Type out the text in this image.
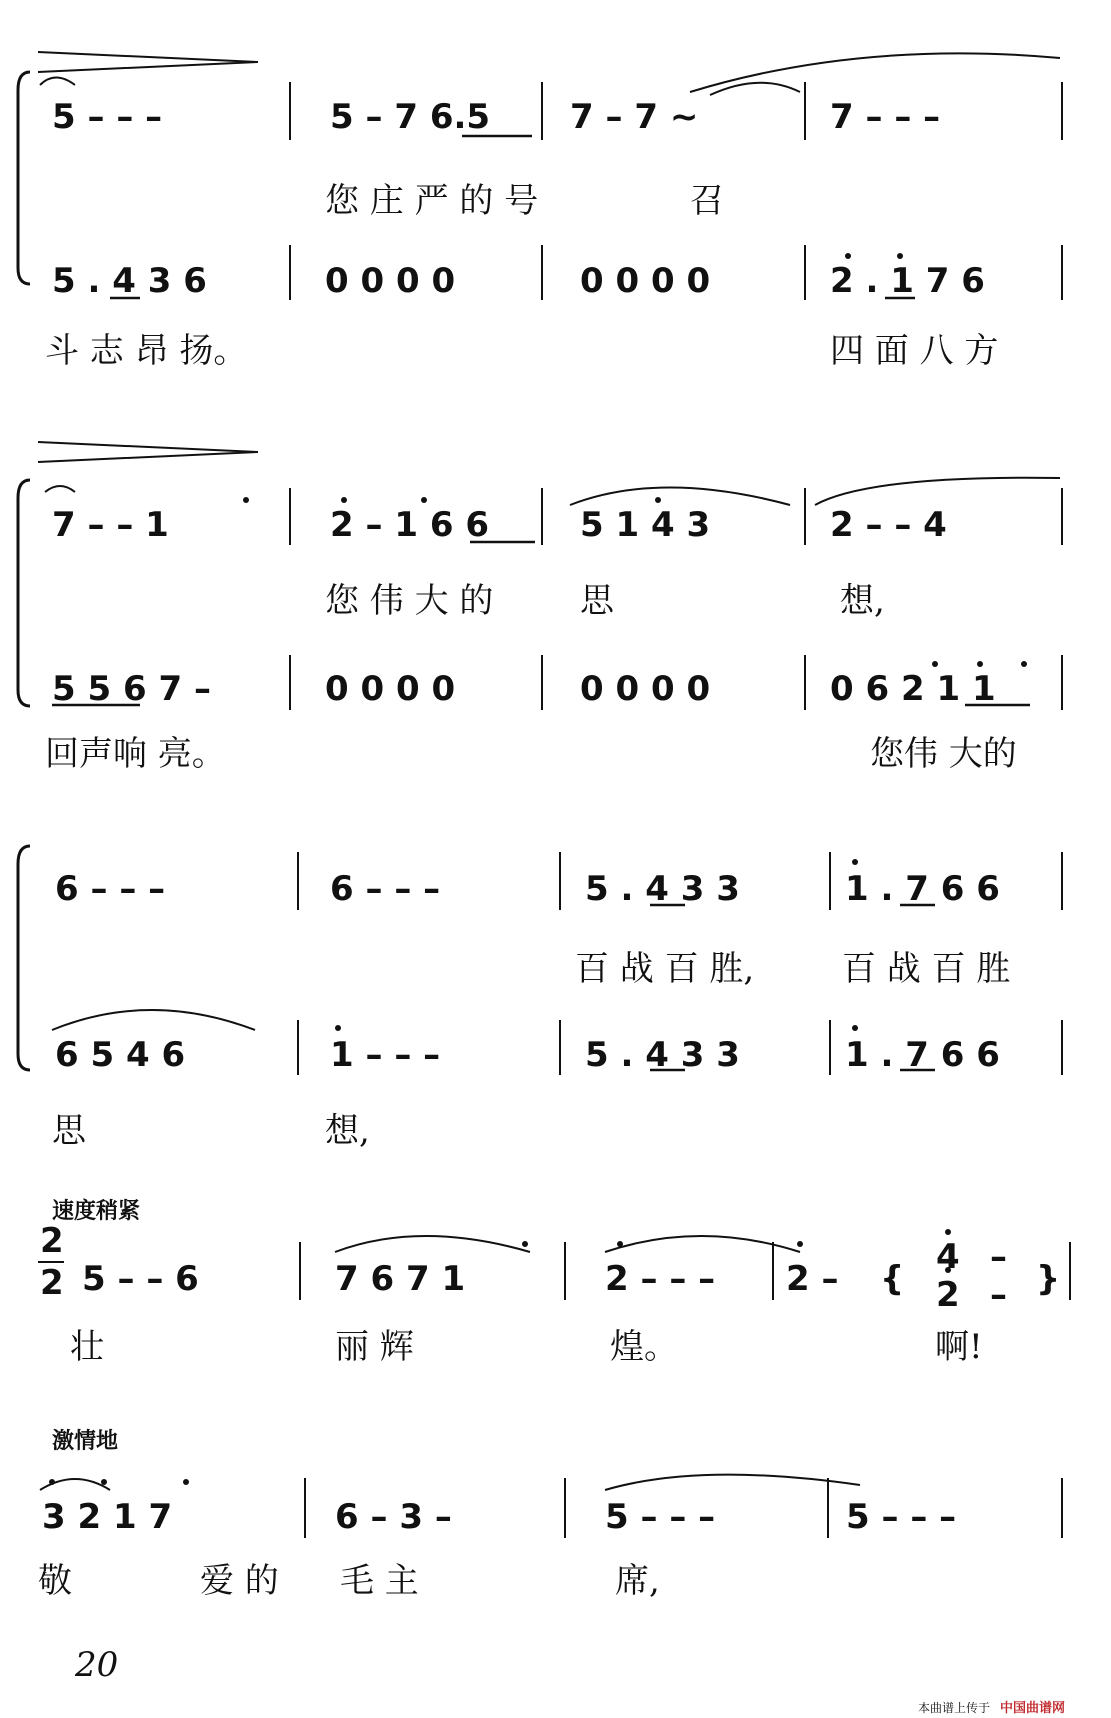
5 – – –	5 – 7 6.5 7 – 7 ~	7 – – –
您 庄 严 的 号	召
5 . 4 3 6	0 0 0 0	0 0 0 0	2 . 1 7 6
斗 志 昂 扬。	四 面 八 方
7 – – 1	2 – 1 6 6	5 1 4 3	2 – – 4
您 伟 大 的	思	想,
5 5 6 7 –	0 0 0 0	0 0 0 0	0 6 2 1 1
回声响 亮。	您伟 大的
6 – – –	6 – – –	5 . 4 3 3	1 . 7 6 6
百 战 百 胜,	百 战 百 胜
6 5 4 6	1 – – –	5 . 4 3 3	1 . 7 6 6
思	想,
速度稍紧
2
2 5 – – 6	7 6 7 1	2 – – – 2 – {
4 –
2 – }
壮	丽 辉	煌。	啊!
激情地
3 2 1 7	6 – 3 –	5 – – –	5 – – –
敬	爱 的 毛 主	席,
20
本曲谱上传于 中国曲谱网
